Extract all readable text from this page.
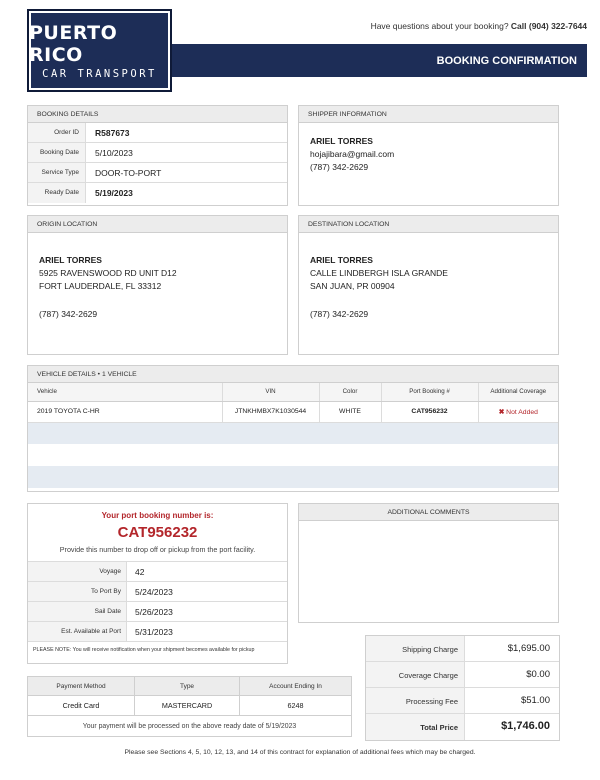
PUERTO RICO
CAR TRANSPORT
Have questions about your booking? Call (904) 322-7644
BOOKING CONFIRMATION
BOOKING DETAILS
Order ID	R587673
Booking Date	5/10/2023
Service Type	DOOR-TO-PORT
Ready Date	5/19/2023
SHIPPER INFORMATION
ARIEL TORRES
hojajibara@gmail.com
(787) 342-2629
ORIGIN LOCATION
ARIEL TORRES
5925 RAVENSWOOD RD UNIT D12
FORT LAUDERDALE, FL 33312
(787) 342-2629
DESTINATION LOCATION
ARIEL TORRES
CALLE LINDBERGH ISLA GRANDE
SAN JUAN, PR 00904
(787) 342-2629
VEHICLE DETAILS • 1 VEHICLE
Vehicle	VIN	Color	Port Booking #	Additional Coverage
2019 TOYOTA C-HR	JTNKHMBX7K1030544	WHITE	CAT956232	✖ Not Added
Your port booking number is:
CAT956232
Provide this number to drop off or pickup from the port facility.
Voyage	42
To Port By	5/24/2023
Sail Date	5/26/2023
Est. Available at Port	5/31/2023
PLEASE NOTE: You will receive notification when your shipment becomes available for pickup
ADDITIONAL COMMENTS
Shipping Charge	$1,695.00
Coverage Charge	$0.00
Processing Fee	$51.00
Total Price	$1,746.00
Payment Method	Type	Account Ending In
Credit Card	MASTERCARD	6248
Your payment will be processed on the above ready date of 5/19/2023		
Please see Sections 4, 5, 10, 12, 13, and 14 of this contract for explanation of additional fees which may be charged.
